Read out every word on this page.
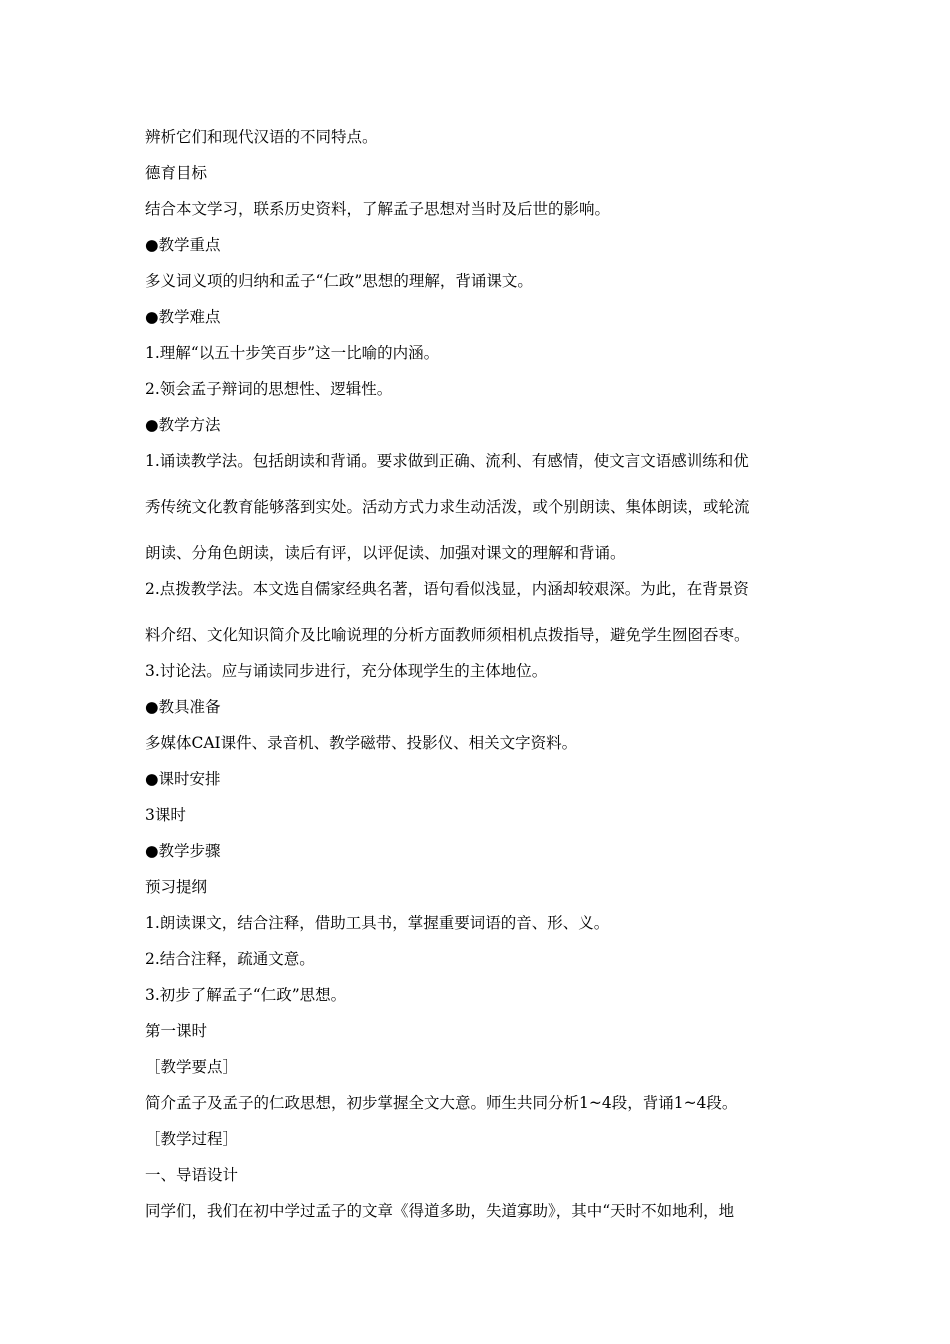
辨析它们和现代汉语的不同特点。
德育目标
结合本文学习，联系历史资料，了解孟子思想对当时及后世的影响。
●教学重点
多义词义项的归纳和孟子“仁政”思想的理解，背诵课文。
●教学难点
1.理解“以五十步笑百步”这一比喻的内涵。
2.领会孟子辩词的思想性、逻辑性。
●教学方法
1.诵读教学法。包括朗读和背诵。要求做到正确、流利、有感情，使文言文语感训练和优
秀传统文化教育能够落到实处。活动方式力求生动活泼，或个别朗读、集体朗读，或轮流
朗读、分角色朗读，读后有评，以评促读、加强对课文的理解和背诵。
2.点拨教学法。本文选自儒家经典名著，语句看似浅显，内涵却较艰深。为此，在背景资
料介绍、文化知识简介及比喻说理的分析方面教师须相机点拨指导，避免学生囫囵吞枣。
3.讨论法。应与诵读同步进行，充分体现学生的主体地位。
●教具准备
多媒体CAI课件、录音机、教学磁带、投影仪、相关文字资料。
●课时安排
3课时
●教学步骤
预习提纲
1.朗读课文，结合注释，借助工具书，掌握重要词语的音、形、义。
2.结合注释，疏通文意。
3.初步了解孟子“仁政”思想。
第一课时
［教学要点］
简介孟子及孟子的仁政思想，初步掌握全文大意。师生共同分析1~4段，背诵1~4段。
［教学过程］
一、导语设计
同学们，我们在初中学过孟子的文章《得道多助，失道寡助》，其中“天时不如地利，地
